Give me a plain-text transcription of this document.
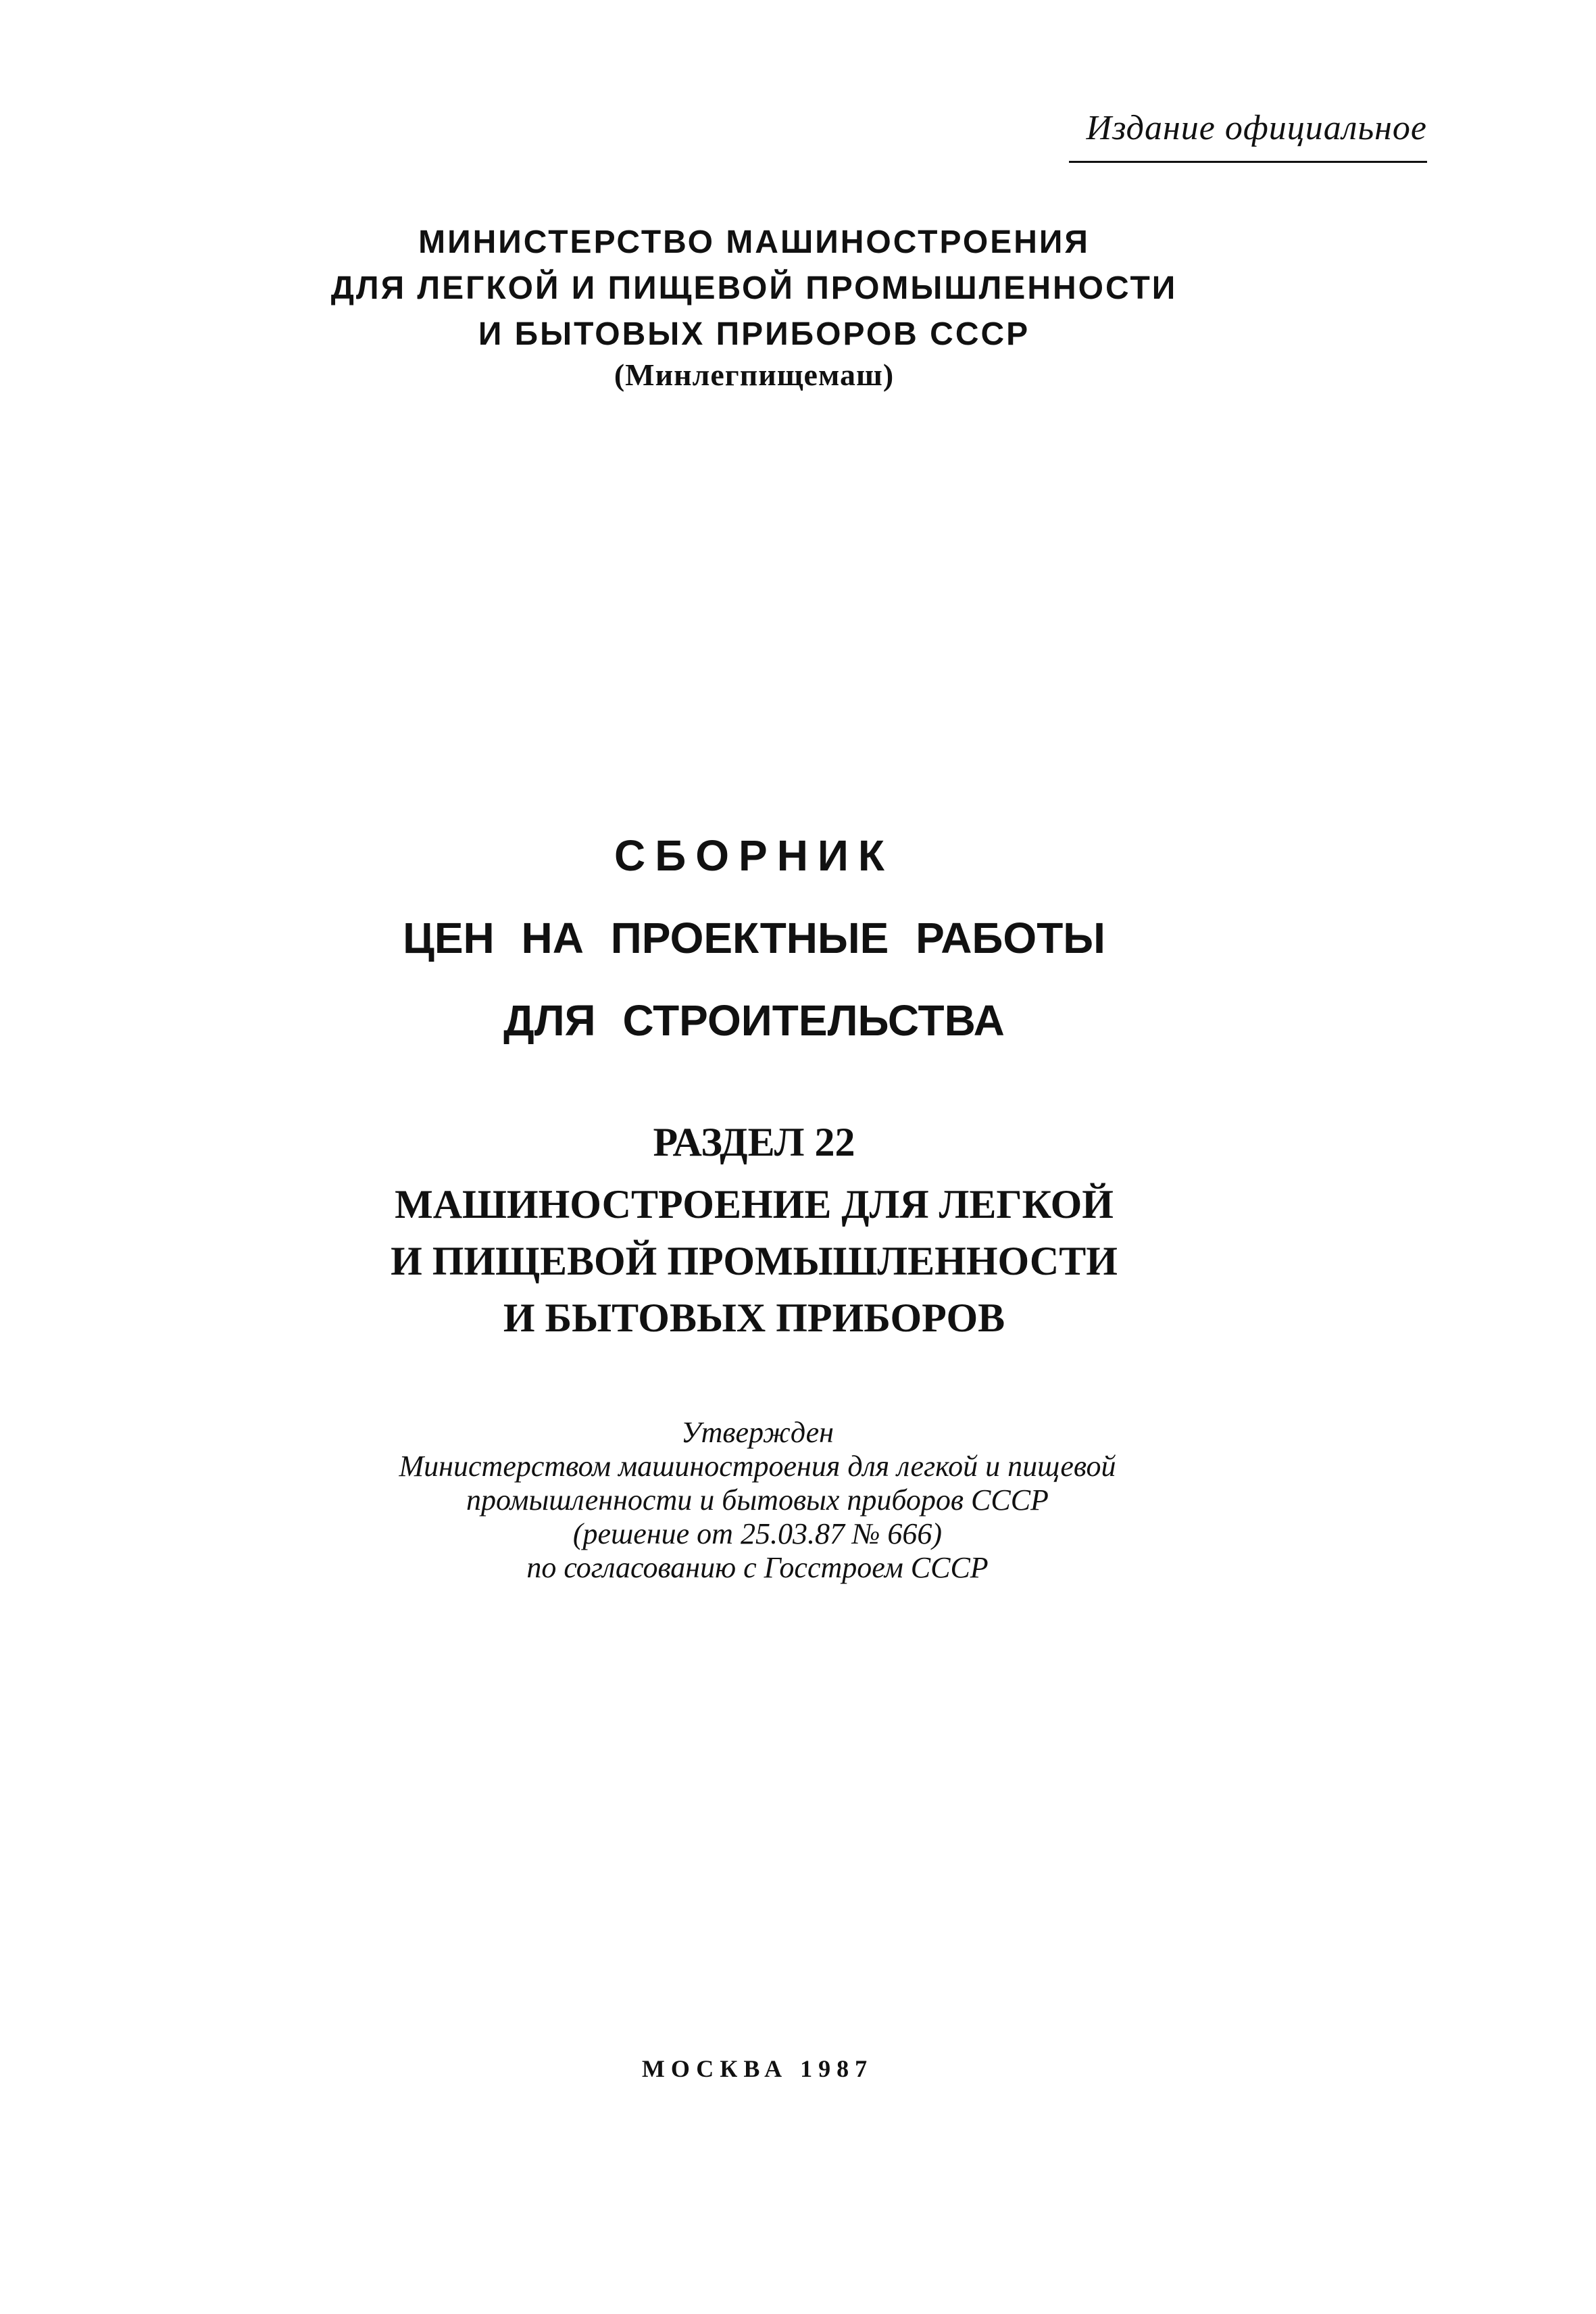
Издание официальное
МИНИСТЕРСТВО МАШИНОСТРОЕНИЯ
ДЛЯ ЛЕГКОЙ И ПИЩЕВОЙ ПРОМЫШЛЕННОСТИ
И БЫТОВЫХ ПРИБОРОВ СССР
(Минлегпищемаш)
СБОРНИК
ЦЕН НА ПРОЕКТНЫЕ РАБОТЫ
ДЛЯ СТРОИТЕЛЬСТВА
РАЗДЕЛ 22
МАШИНОСТРОЕНИЕ ДЛЯ ЛЕГКОЙ
И ПИЩЕВОЙ ПРОМЫШЛЕННОСТИ
И БЫТОВЫХ ПРИБОРОВ
Утвержден
Министерством машиностроения для легкой и пищевой
промышленности и бытовых приборов СССР
(решение от 25.03.87 № 666)
по согласованию с Госстроем СССР
МОСКВА 1987
